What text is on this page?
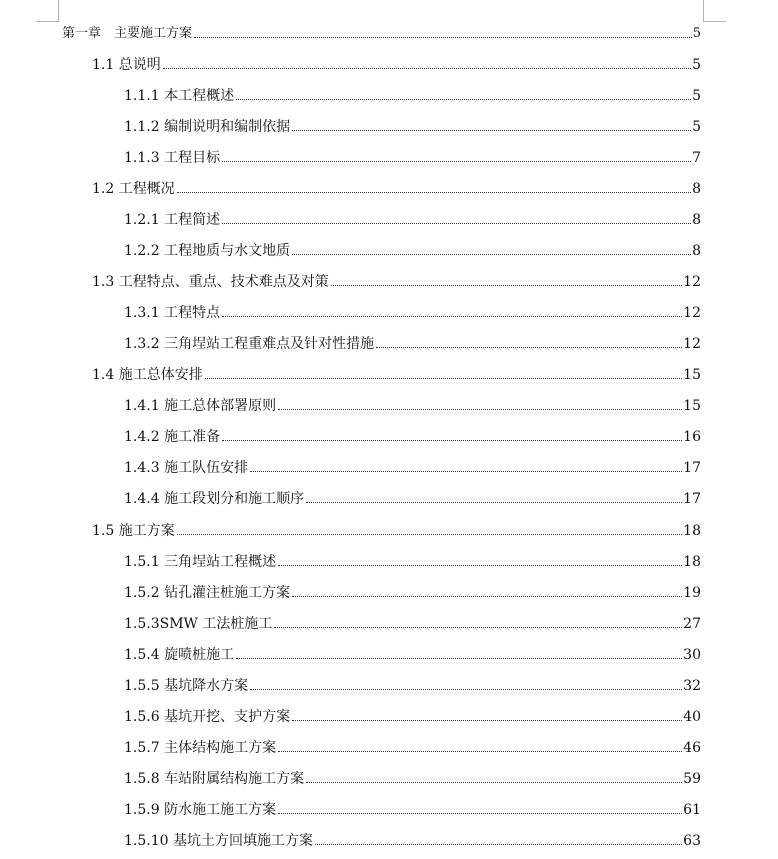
第一章　主要施工方案	5
1.1 总说明	5
1.1.1 本工程概述	5
1.1.2 编制说明和编制依据	5
1.1.3 工程目标	7
1.2 工程概况	8
1.2.1 工程简述	8
1.2.2 工程地质与水文地质	8
1.3 工程特点、重点、技术难点及对策	12
1.3.1 工程特点	12
1.3.2 三角埕站工程重难点及针对性措施	12
1.4 施工总体安排	15
1.4.1 施工总体部署原则	15
1.4.2 施工准备	16
1.4.3 施工队伍安排	17
1.4.4 施工段划分和施工顺序	17
1.5 施工方案	18
1.5.1 三角埕站工程概述	18
1.5.2 钻孔灌注桩施工方案	19
1.5.3SMW 工法桩施工	27
1.5.4 旋喷桩施工	30
1.5.5 基坑降水方案	32
1.5.6 基坑开挖、支护方案	40
1.5.7 主体结构施工方案	46
1.5.8 车站附属结构施工方案	59
1.5.9 防水施工施工方案	61
1.5.10 基坑土方回填施工方案	63
